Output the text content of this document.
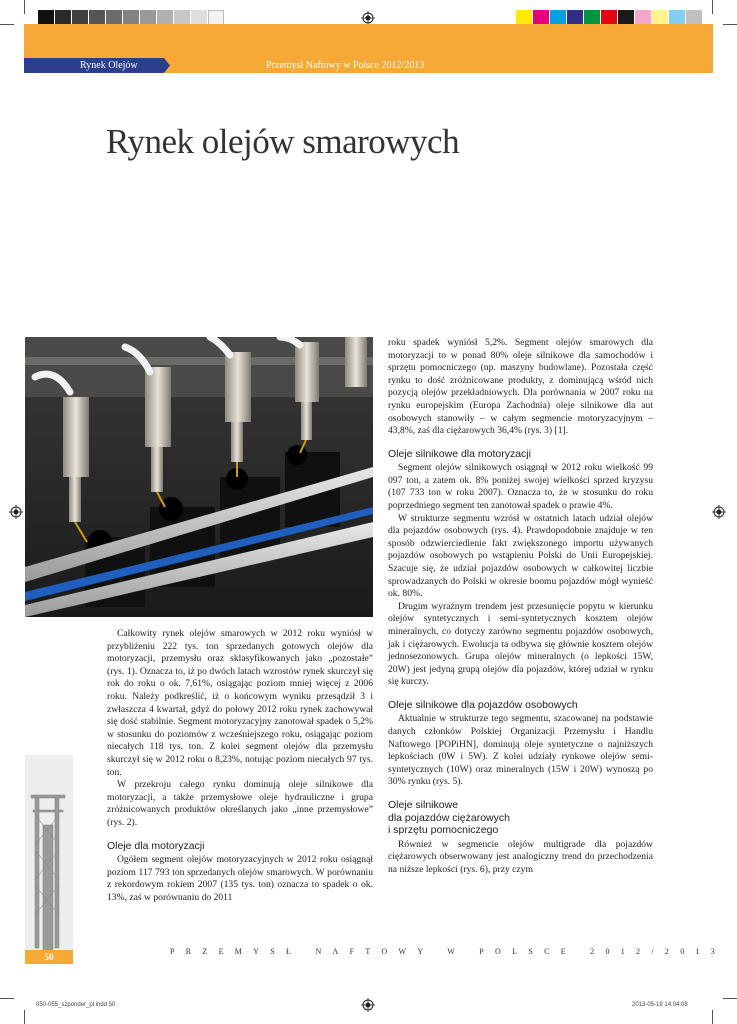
Rynek Olejów	Przemysł Naftowy w Polsce 2012/2013
Rynek olejów smarowych

Całkowity rynek olejów smarowych w 2012 roku wyniósł w przybliżeniu 222 tys. ton sprzedanych gotowych olejów dla motoryzacji, przemysłu oraz sklasyfikowanych jako „pozostałe” (rys. 1). Oznacza to, iż po dwóch latach wzrostów rynek skurczył się rok do roku o ok. 7,61%, osiągając poziom mniej więcej z 2006 roku. Należy podkreślić, iż o końcowym wyniku przesądził 3 i zwłaszcza 4 kwartał, gdyż do połowy 2012 roku rynek zachowywał się dość stabilnie. Segment motoryzacyjny zanotował spadek o 5,2% w stosunku do poziomów z wcześniejszego roku, osiągając poziom niecałych 118 tys. ton. Z kolei segment olejów dla przemysłu skurczył się w 2012 roku o 8,23%, notując poziom niecałych 97 tys. ton.

W przekroju całego rynku dominują oleje silnikowe dla motoryzacji, a także przemysłowe oleje hydrauliczne i grupa zróżnicowanych produktów określanych jako „inne przemysłowe” (rys. 2).

Oleje dla motoryzacji

Ogółem segment olejów motoryzacyjnych w 2012 roku osiągnął poziom 117 793 ton sprzedanych olejów smarowych. W porównaniu z rekordowym rokiem 2007 (135 tys. ton) oznacza to spadek o ok. 13%, zaś w porównaniu do 2011

roku spadek wyniósł 5,2%. Segment olejów smarowych dla motoryzacji to w ponad 80% oleje silnikowe dla samochodów i sprzętu pomocniczego (np. maszyny budowlane). Pozostała część rynku to dość zróżnicowane produkty, z dominującą wśród nich pozycją olejów przekładniowych. Dla porównania w 2007 roku na rynku europejskim (Europa Zachodnia) oleje silnikowe dla aut osobowych stanowiły – w całym segmencie motoryzacyjnym – 43,8%, zaś dla ciężarowych 36,4% (rys. 3) [1].

Oleje silnikowe dla motoryzacji

Segment olejów silnikowych osiągnął w 2012 roku wielkość 99 097 ton, a zatem ok. 8% poniżej swojej wielkości sprzed kryzysu (107 733 ton w roku 2007). Oznacza to, że w stosunku do roku poprzedniego segment ten zanotował spadek o prawie 4%.

W strukturze segmentu wzrósł w ostatnich latach udział olejów dla pojazdów osobowych (rys. 4). Prawdopodobnie znajduje w ten sposób odzwierciedlenie fakt zwiększonego importu używanych pojazdów osobowych po wstąpieniu Polski do Unii Europejskiej. Szacuje się, że udział pojazdów osobowych w całkowitej liczbie sprowadzanych do Polski w okresie boomu pojazdów mógł wynieść ok. 80%.

Drugim wyraźnym trendem jest przesunięcie popytu w kierunku olejów syntetycznych i semi-syntetycznych kosztem olejów mineralnych, co dotyczy zarówno segmentu pojazdów osobowych, jak i ciężarowych. Ewolucja ta odbywa się głównie kosztem olejów jednosezonowych. Grupa olejów mineralnych (o lepkości 15W, 20W) jest jedyną grupą olejów dla pojazdów, której udział w rynku się kurczy.

Oleje silnikowe dla pojazdów osobowych

Aktualnie w strukturze tego segmentu, szacowanej na podstawie danych członków Polskiej Organizacji Przemysłu i Handlu Naftowego [POPiHN], dominują oleje syntetyczne o najniższych lepkościach (0W i 5W). Z kolei udziały rynkowe olejów semi-syntetycznych (10W) oraz mineralnych (15W i 20W) wynoszą po 30% rynku (rys. 5).

Oleje silnikowe
dla pojazdów ciężarowych
i sprzętu pomocniczego

Również w segmencie olejów multigrade dla pojazdów ciężarowych obserwowany jest analogiczny trend do przechodzenia na niższe lepkości (rys. 6), przy czym

50
PRZEMYSŁ NAFTOWY W POLSCE 2012/2013
050-055_szponder_pl.indd 50	2013-05-19 14:04:08
